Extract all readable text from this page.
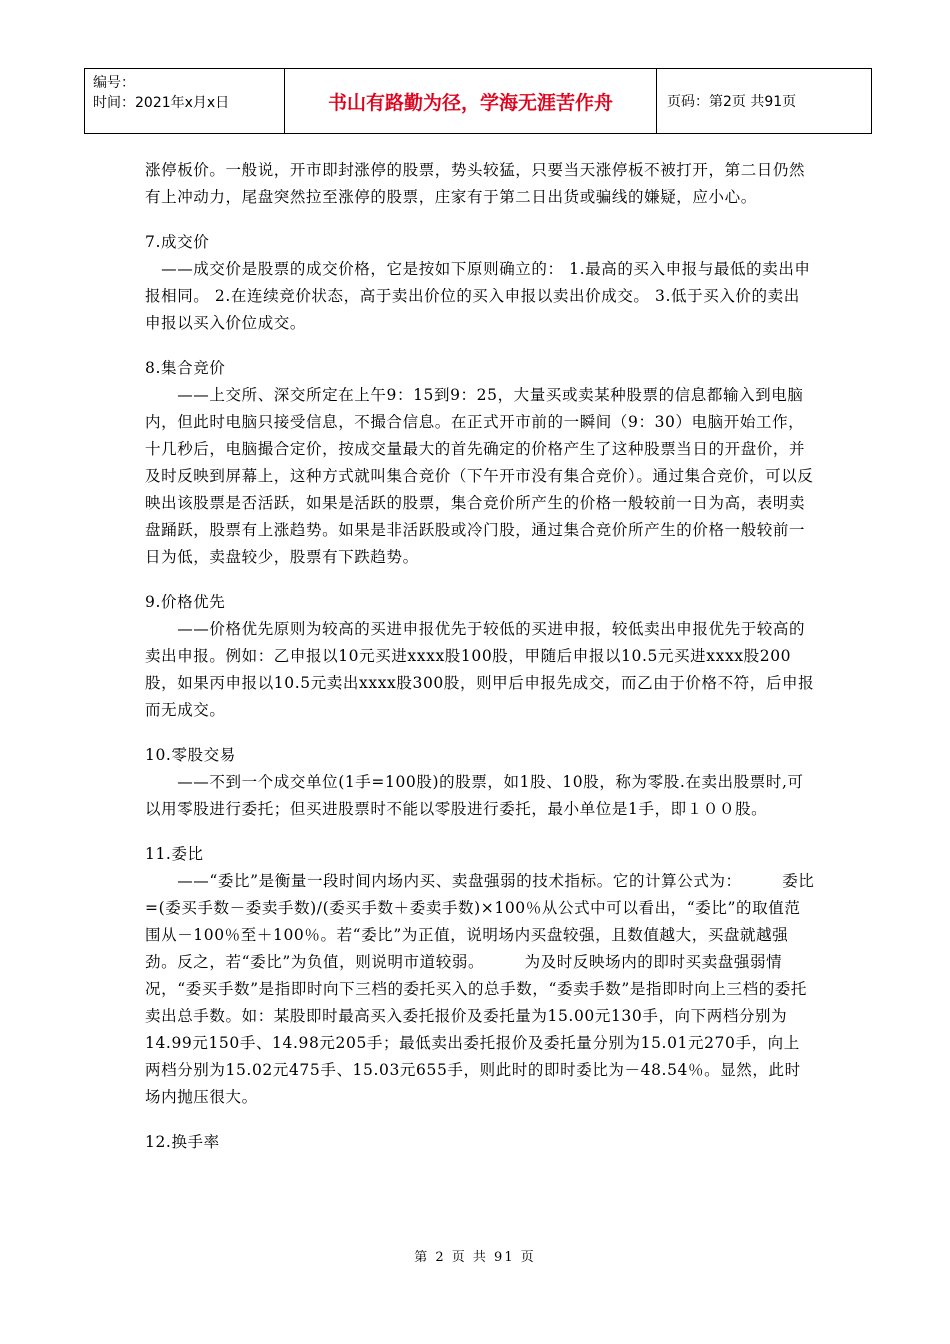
编号：
时间：2021年x月x日	书山有路勤为径，学海无涯苦作舟	页码：第2页 共91页

涨停板价。一般说，开市即封涨停的股票，势头较猛，只要当天涨停板不被打开，第二日仍然有上冲动力，尾盘突然拉至涨停的股票，庄家有于第二日出货或骗线的嫌疑，应小心。

7.成交价

　——成交价是股票的成交价格，它是按如下原则确立的： 1.最高的买入申报与最低的卖出申报相同。 2.在连续竞价状态，高于卖出价位的买入申报以卖出价成交。 3.低于买入价的卖出申报以买入价位成交。

8.集合竞价

　　——上交所、深交所定在上午9：15到9：25，大量买或卖某种股票的信息都输入到电脑内，但此时电脑只接受信息，不撮合信息。在正式开市前的一瞬间（9：30）电脑开始工作，十几秒后，电脑撮合定价，按成交量最大的首先确定的价格产生了这种股票当日的开盘价，并及时反映到屏幕上，这种方式就叫集合竞价（下午开市没有集合竞价）。通过集合竞价，可以反映出该股票是否活跃，如果是活跃的股票，集合竞价所产生的价格一般较前一日为高，表明卖盘踊跃，股票有上涨趋势。如果是非活跃股或冷门股，通过集合竞价所产生的价格一般较前一日为低，卖盘较少，股票有下跌趋势。

9.价格优先

　　——价格优先原则为较高的买进申报优先于较低的买进申报，较低卖出申报优先于较高的卖出申报。例如：乙申报以10元买进xxxx股100股，甲随后申报以10.5元买进xxxx股200股，如果丙申报以10.5元卖出xxxx股300股，则甲后申报先成交，而乙由于价格不符，后申报而无成交。

10.零股交易

　　——不到一个成交单位(1手=100股)的股票，如1股、10股，称为零股.在卖出股票时,可以用零股进行委托；但买进股票时不能以零股进行委托，最小单位是1手，即１００股。

11.委比

　　——“委比”是衡量一段时间内场内买、卖盘强弱的技术指标。它的计算公式为：　　　委比=(委买手数－委卖手数)/(委买手数＋委卖手数)×100％从公式中可以看出，“委比”的取值范围从－100％至＋100％。若“委比”为正值，说明场内买盘较强，且数值越大，买盘就越强劲。反之，若“委比”为负值，则说明市道较弱。　　　为及时反映场内的即时买卖盘强弱情况，“委买手数”是指即时向下三档的委托买入的总手数，“委卖手数”是指即时向上三档的委托卖出总手数。如：某股即时最高买入委托报价及委托量为15.00元130手，向下两档分别为14.99元150手、14.98元205手；最低卖出委托报价及委托量分别为15.01元270手，向上两档分别为15.02元475手、15.03元655手，则此时的即时委比为－48.54％。显然，此时场内抛压很大。

12.换手率

第 2 页 共 91 页
